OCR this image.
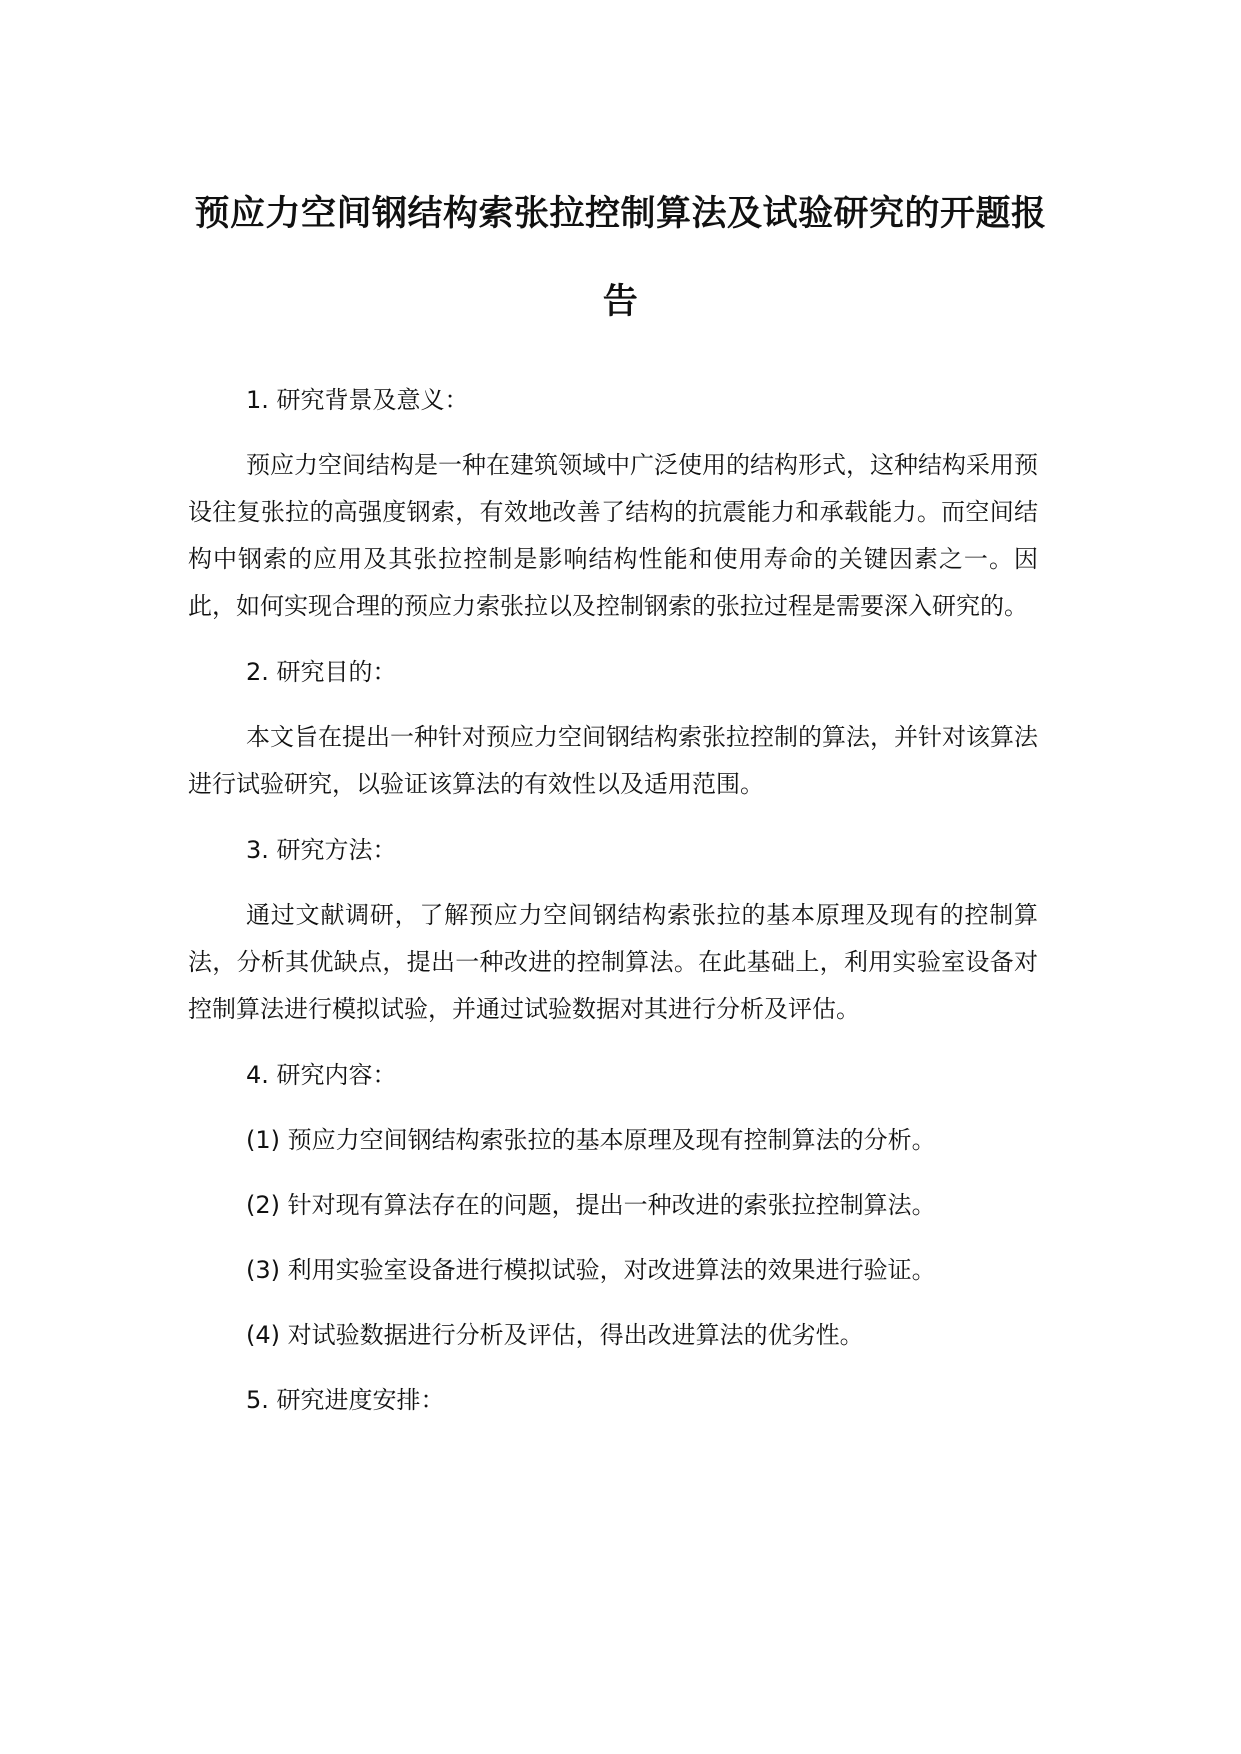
预应力空间钢结构索张拉控制算法及试验研究的开题报告

1. 研究背景及意义：

预应力空间结构是一种在建筑领域中广泛使用的结构形式，这种结构采用预设往复张拉的高强度钢索，有效地改善了结构的抗震能力和承载能力。而空间结构中钢索的应用及其张拉控制是影响结构性能和使用寿命的关键因素之一。因此，如何实现合理的预应力索张拉以及控制钢索的张拉过程是需要深入研究的。

2. 研究目的：

本文旨在提出一种针对预应力空间钢结构索张拉控制的算法，并针对该算法进行试验研究，以验证该算法的有效性以及适用范围。

3. 研究方法：

通过文献调研，了解预应力空间钢结构索张拉的基本原理及现有的控制算法，分析其优缺点，提出一种改进的控制算法。在此基础上，利用实验室设备对控制算法进行模拟试验，并通过试验数据对其进行分析及评估。

4. 研究内容：

(1) 预应力空间钢结构索张拉的基本原理及现有控制算法的分析。

(2) 针对现有算法存在的问题，提出一种改进的索张拉控制算法。

(3) 利用实验室设备进行模拟试验，对改进算法的效果进行验证。

(4) 对试验数据进行分析及评估，得出改进算法的优劣性。

5. 研究进度安排：
